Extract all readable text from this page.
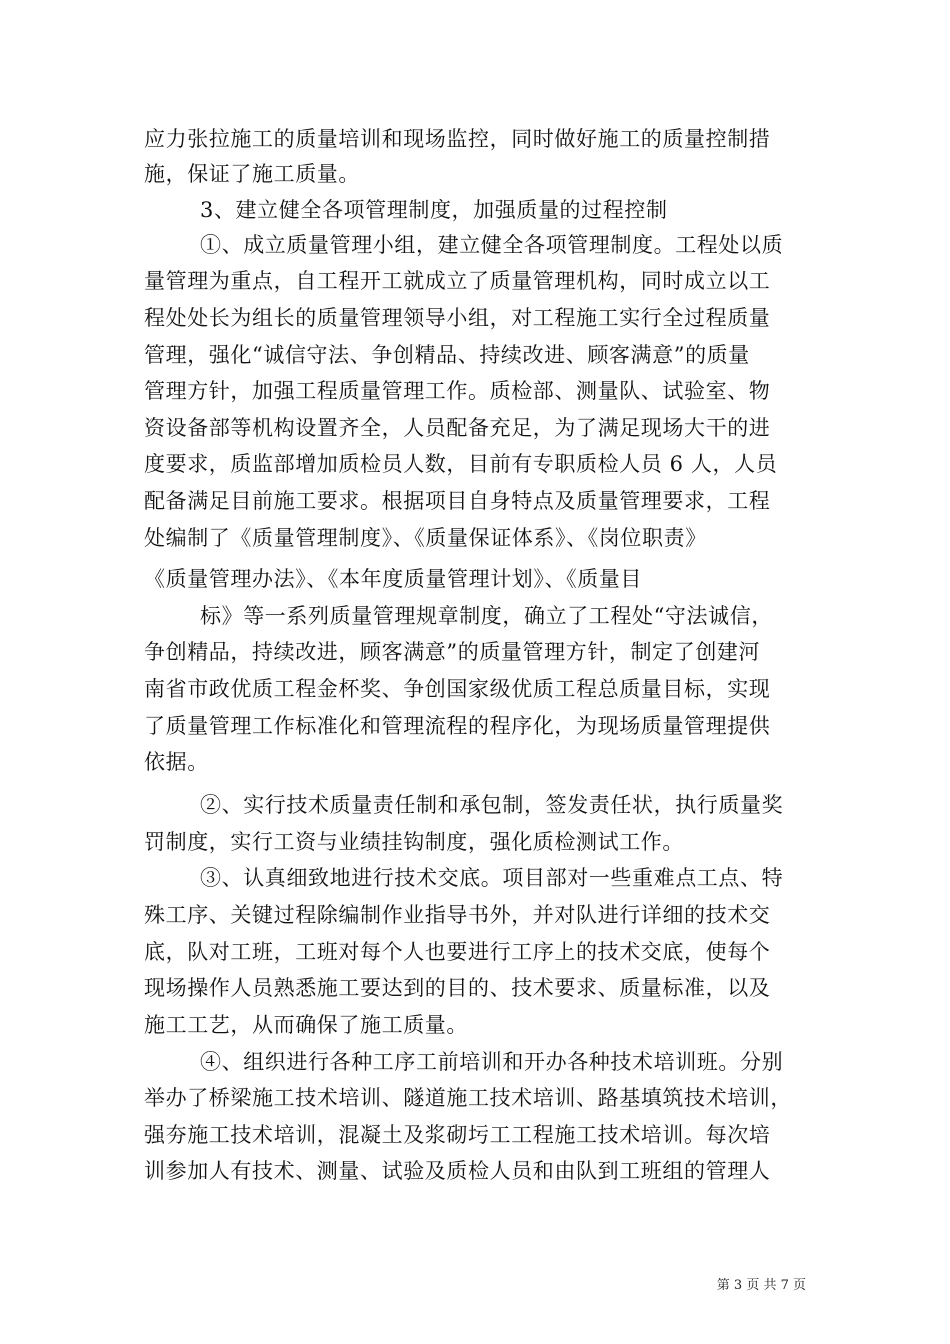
应力张拉施工的质量培训和现场监控，同时做好施工的质量控制措
施，保证了施工质量。
3、建立健全各项管理制度，加强质量的过程控制
①、成立质量管理小组，建立健全各项管理制度。工程处以质
量管理为重点，自工程开工就成立了质量管理机构，同时成立以工
程处处长为组长的质量管理领导小组，对工程施工实行全过程质量
管理，强化“诚信守法、争创精品、持续改进、顾客满意”的质量
管理方针，加强工程质量管理工作。质检部、测量队、试验室、物
资设备部等机构设置齐全，人员配备充足，为了满足现场大干的进
度要求，质监部增加质检员人数，目前有专职质检人员 6 人，人员
配备满足目前施工要求。根据项目自身特点及质量管理要求，工程
处编制了《质量管理制度》、《质量保证体系》、《岗位职责》
《质量管理办法》、《本年度质量管理计划》、《质量目
标》等一系列质量管理规章制度，确立了工程处“守法诚信，
争创精品，持续改进，顾客满意”的质量管理方针，制定了创建河
南省市政优质工程金杯奖、争创国家级优质工程总质量目标，实现
了质量管理工作标准化和管理流程的程序化，为现场质量管理提供
依据。
②、实行技术质量责任制和承包制，签发责任状，执行质量奖
罚制度，实行工资与业绩挂钩制度，强化质检测试工作。
③、认真细致地进行技术交底。项目部对一些重难点工点、特
殊工序、关键过程除编制作业指导书外，并对队进行详细的技术交
底，队对工班，工班对每个人也要进行工序上的技术交底，使每个
现场操作人员熟悉施工要达到的目的、技术要求、质量标准，以及
施工工艺，从而确保了施工质量。
④、组织进行各种工序工前培训和开办各种技术培训班。分别
举办了桥梁施工技术培训、隧道施工技术培训、路基填筑技术培训，
强夯施工技术培训，混凝土及浆砌圬工工程施工技术培训。每次培
训参加人有技术、测量、试验及质检人员和由队到工班组的管理人
第 3 页 共 7 页
